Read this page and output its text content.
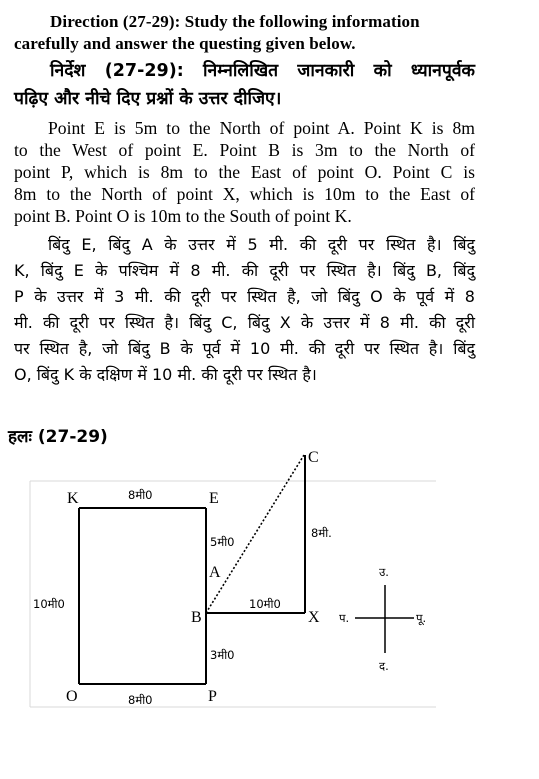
Direction (27-29): Study the following information
carefully and answer the questing given below.
निर्देश (27-29): निम्नलिखित जानकारी को ध्यानपूर्वक
पढ़िए और नीचे दिए प्रश्नों के उत्तर दीजिए।
Point E is 5m to the North of point A. Point K is 8m
to the West of point E. Point B is 3m to the North of
point P, which is 8m to the East of point O. Point C is
8m to the North of point X, which is 10m to the East of
point B. Point O is 10m to the South of point K.
बिंदु E, बिंदु A के उत्तर में 5 मी. की दूरी पर स्थित है। बिंदु
K, बिंदु E के पश्चिम में 8 मी. की दूरी पर स्थित है। बिंदु B, बिंदु
P के उत्तर में 3 मी. की दूरी पर स्थित है, जो बिंदु O के पूर्व में 8
मी. की दूरी पर स्थित है। बिंदु C, बिंदु X के उत्तर में 8 मी. की दूरी
पर स्थित है, जो बिंदु B के पूर्व में 10 मी. की दूरी पर स्थित है। बिंदु
O, बिंदु K के दक्षिण में 10 मी. की दूरी पर स्थित है।
हलः (27-29)
K	E
A
B	X
C
O	P
8मी0
5मी0
10मी0	10मी0
3मी0
8मी0
8मी.
उ.
द.
प.	पू.
